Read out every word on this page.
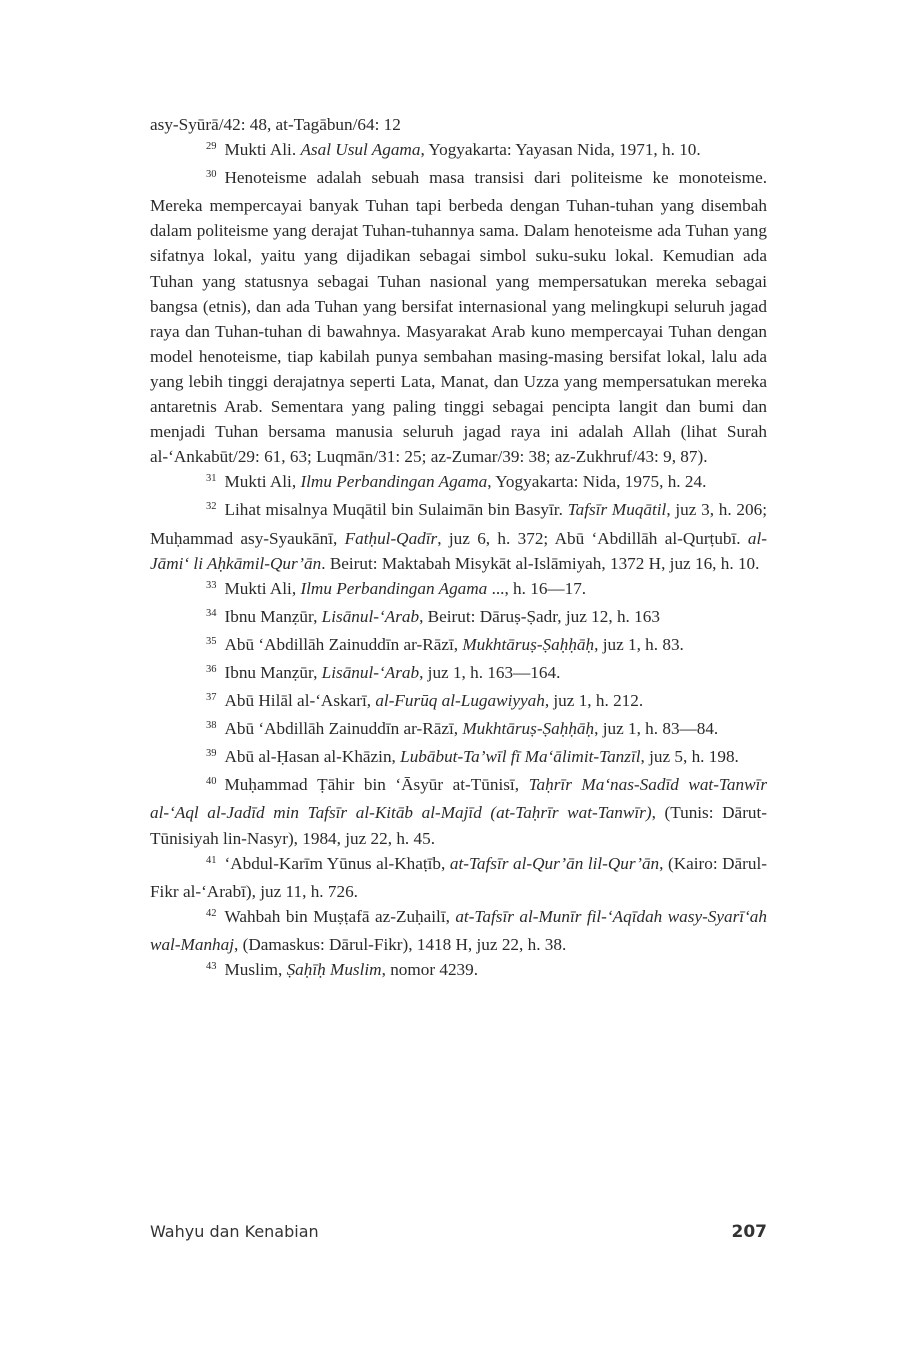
asy-Syūrā/42: 48, at-Tagābun/64: 12

$^{29}$ Mukti Ali. Asal Usul Agama, Yogyakarta: Yayasan Nida, 1971, h. 10.

$^{30}$ Henoteisme adalah sebuah masa transisi dari politeisme ke monoteisme. Mereka mempercayai banyak Tuhan tapi berbeda dengan Tuhan-tuhan yang disembah dalam politeisme yang derajat Tuhan-tuhannya sama. Dalam henoteisme ada Tuhan yang sifatnya lokal, yaitu yang dijadikan sebagai simbol suku-suku lokal. Kemudian ada Tuhan yang statusnya sebagai Tuhan nasional yang mempersatukan mereka sebagai bangsa (etnis), dan ada Tuhan yang bersifat internasional yang melingkupi seluruh jagad raya dan Tuhan-tuhan di bawahnya. Masyarakat Arab kuno mempercayai Tuhan dengan model henoteisme, tiap kabilah punya sembahan masing-masing bersifat lokal, lalu ada yang lebih tinggi derajatnya seperti Lata, Manat, dan Uzza yang mempersatukan mereka antaretnis Arab. Sementara yang paling tinggi sebagai pencipta langit dan bumi dan menjadi Tuhan bersama manusia seluruh jagad raya ini adalah Allah (lihat Surah al-‘Ankabūt/29: 61, 63; Luqmān/31: 25; az-Zumar/39: 38; az-Zukhruf/43: 9, 87).

$^{31}$ Mukti Ali, Ilmu Perbandingan Agama, Yogyakarta: Nida, 1975, h. 24.

$^{32}$ Lihat misalnya Muqātil bin Sulaimān bin Basyīr. Tafsīr Muqātil, juz 3, h. 206; Muḥammad asy-Syaukānī, Fatḥul-Qadīr, juz 6, h. 372; Abū ‘Abdillāh al-Qurṭubī. al-Jāmi‘ li Aḥkāmil-Qur’ān. Beirut: Maktabah Misykāt al-Islāmiyah, 1372 H, juz 16, h. 10.

$^{33}$ Mukti Ali, Ilmu Perbandingan Agama ..., h. 16—17.

$^{34}$ Ibnu Manẓūr, Lisānul-‘Arab, Beirut: Dāruṣ-Ṣadr, juz 12, h. 163

$^{35}$ Abū ‘Abdillāh Zainuddīn ar-Rāzī, Mukhtāruṣ-Ṣaḥḥāḥ, juz 1, h. 83.

$^{36}$ Ibnu Manẓūr, Lisānul-‘Arab, juz 1, h. 163—164.

$^{37}$ Abū Hilāl al-‘Askarī, al-Furūq al-Lugawiyyah, juz 1, h. 212.

$^{38}$ Abū ‘Abdillāh Zainuddīn ar-Rāzī, Mukhtāruṣ-Ṣaḥḥāḥ, juz 1, h. 83—84.

$^{39}$ Abū al-Ḥasan al-Khāzin, Lubābut-Ta’wīl fī Ma‘ālimit-Tanzīl, juz 5, h. 198.

$^{40}$ Muḥammad Ṭāhir bin ‘Āsyūr at-Tūnisī, Taḥrīr Ma‘nas-Sadīd wat-Tanwīr al-‘Aql al-Jadīd min Tafsīr al-Kitāb al-Majīd (at-Taḥrīr wat-Tanwīr), (Tunis: Dārut-Tūnisiyah lin-Nasyr), 1984, juz 22, h. 45.

$^{41}$ ‘Abdul-Karīm Yūnus al-Khaṭīb, at-Tafsīr al-Qur’ān lil-Qur’ān, (Kairo: Dārul-Fikr al-‘Arabī), juz 11, h. 726.

$^{42}$ Wahbah bin Muṣṭafā az-Zuḥailī, at-Tafsīr al-Munīr fil-‘Aqīdah wasy-Syarī‘ah wal-Manhaj, (Damaskus: Dārul-Fikr), 1418 H, juz 22, h. 38.

$^{43}$ Muslim, Ṣaḥīḥ Muslim, nomor 4239.

Wahyu dan Kenabian	207
